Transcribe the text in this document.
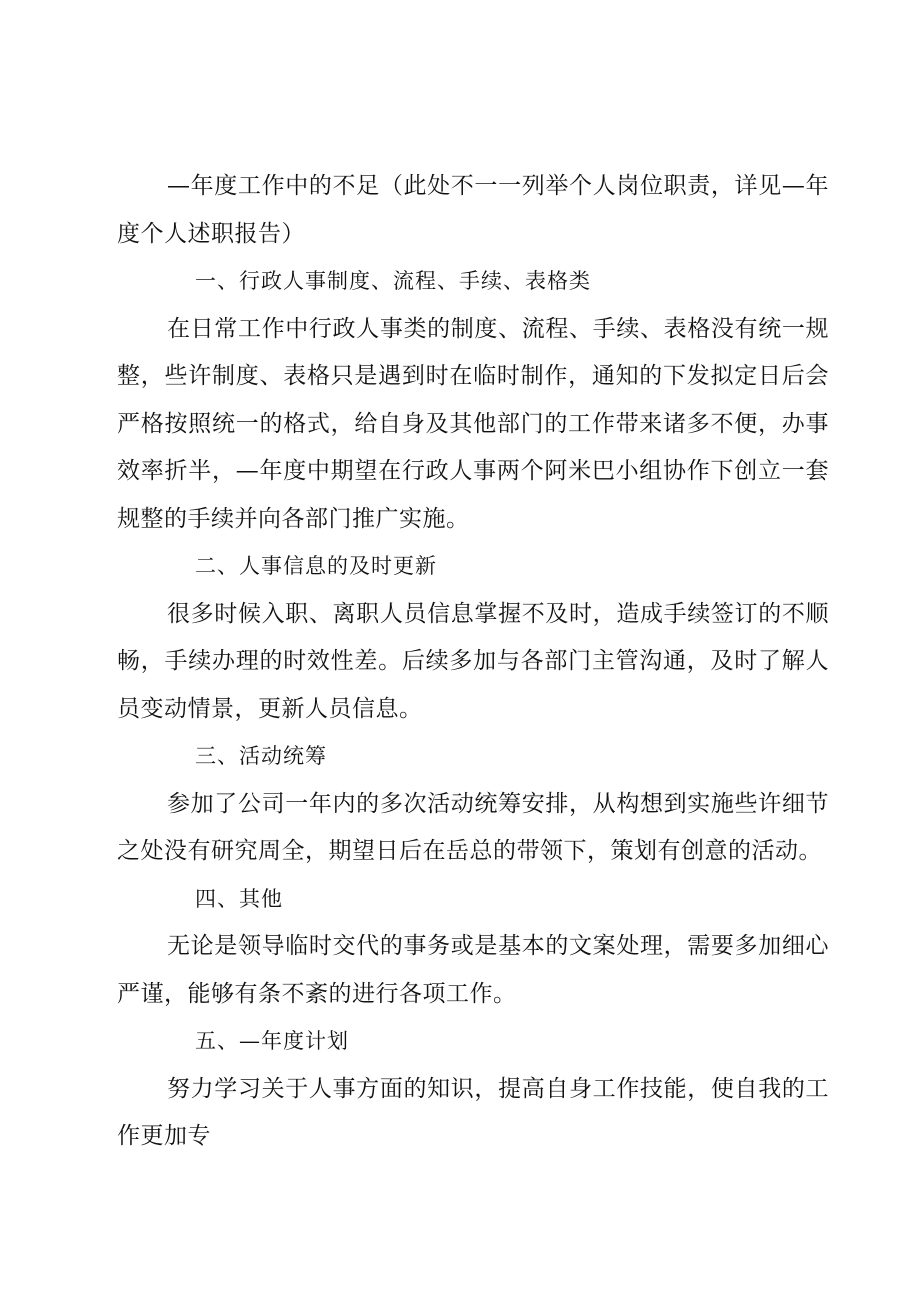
—年度工作中的不足（此处不一一列举个人岗位职责，详见—年度个人述职报告）

一、行政人事制度、流程、手续、表格类

在日常工作中行政人事类的制度、流程、手续、表格没有统一规整，些许制度、表格只是遇到时在临时制作，通知的下发拟定日后会严格按照统一的格式，给自身及其他部门的工作带来诸多不便，办事效率折半，—年度中期望在行政人事两个阿米巴小组协作下创立一套规整的手续并向各部门推广实施。

二、人事信息的及时更新

很多时候入职、离职人员信息掌握不及时，造成手续签订的不顺畅，手续办理的时效性差。后续多加与各部门主管沟通，及时了解人员变动情景，更新人员信息。

三、活动统筹

参加了公司一年内的多次活动统筹安排，从构想到实施些许细节之处没有研究周全，期望日后在岳总的带领下，策划有创意的活动。

四、其他

无论是领导临时交代的事务或是基本的文案处理，需要多加细心严谨，能够有条不紊的进行各项工作。

五、—年度计划

努力学习关于人事方面的知识，提高自身工作技能，使自我的工作更加专
